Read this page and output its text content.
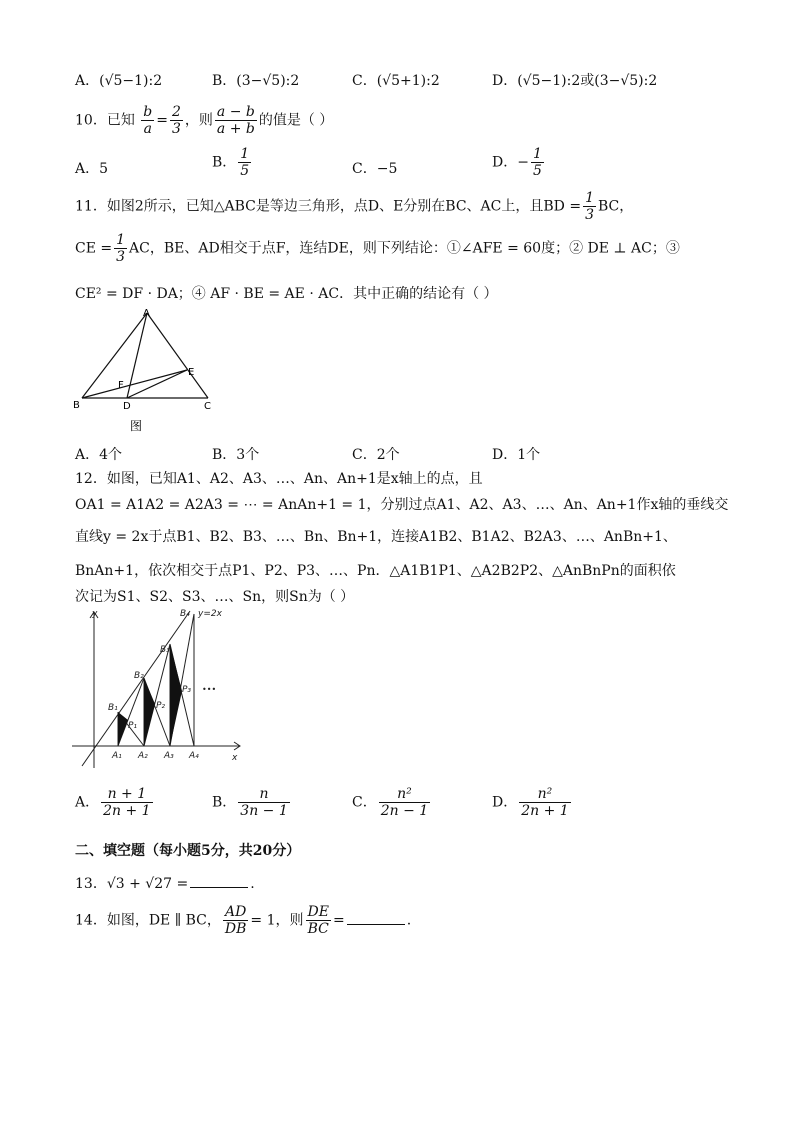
A．(√5−1):2	B．(3−√5):2	C．(√5+1):2	D．(√5−1):2或(3−√5):2
10．已知 $\frac{b}{a} = \frac{2}{3}$ ，则 $\frac{a - b}{a + b}$ 的值是（ ）
A．5	B． $\frac{1}{5}$	C．−5	D．− $\frac{1}{5}$
11．如图2所示，已知△ABC是等边三角形，点D、E分别在BC、AC上，且BD = $\frac{1}{3}$ BC，
CE = $\frac{1}{3}$ AC，BE、AD相交于点F，连结DE，则下列结论：①∠AFE = 60度；② DE ⊥ AC；③
CE² = DF · DA；④ AF · BE = AE · AC．其中正确的结论有（ ）
A
B	C
D
E
F
图
A．4个	B．3个	C．2个	D．1个
12．如图，已知A1、A2、A3、…、An、An+1是x轴上的点，且
OA1 = A1A2 = A2A3 = ⋯ = AnAn+1 = 1，分别过点A1、A2、A3、…、An、An+1作x轴的垂线交
直线y = 2x于点B1、B2、B3、…、Bn、Bn+1，连接A1B2、B1A2、B2A3、…、AnBn+1、
BnAn+1，依次相交于点P1、P2、P3、…、Pn．△A1B1P1、△A2B2P2、△AnBnPn的面积依
次记为S1、S2、S3、…、Sn，则Sn为（ ）
y
x
y=2x
B₁
B₂
B₃
B₄
P₁
P₂
P₃
A₁ A₂ A₃ A₄
•••
A． $\frac{n + 1}{2n + 1}$	B． $\frac{n}{3n - 1}$	C． $\frac{\text{n²}}{2n - 1}$	D． $\frac{\text{n²}}{2n + 1}$
二、填空题（每小题5分，共20分）
13．√3 + √27 =	.
14．如图，DE ∥ BC， $\frac{AD}{DB} = 1$，则 $\frac{DE}{BC}$ =	.
